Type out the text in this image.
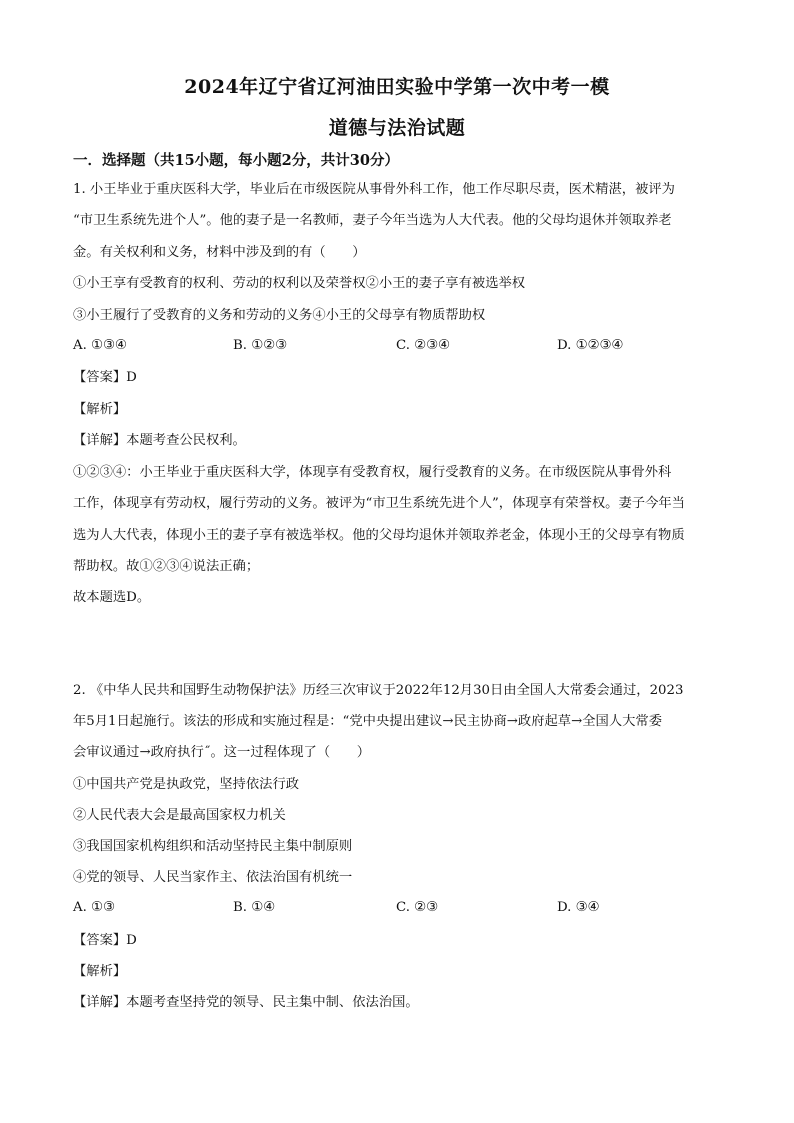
2024年辽宁省辽河油田实验中学第一次中考一模
道德与法治试题
一．选择题（共15小题，每小题2分，共计30分）
1. 小王毕业于重庆医科大学，毕业后在市级医院从事骨外科工作，他工作尽职尽责，医术精湛，被评为
“市卫生系统先进个人”。他的妻子是一名教师，妻子今年当选为人大代表。他的父母均退休并领取养老
金。有关权利和义务，材料中涉及到的有（　　）
①小王享有受教育的权利、劳动的权利以及荣誉权②小王的妻子享有被选举权
③小王履行了受教育的义务和劳动的义务④小王的父母享有物质帮助权
A. ①③④	B. ①②③	C. ②③④	D. ①②③④
【答案】D
【解析】
【详解】本题考查公民权利。
①②③④：小王毕业于重庆医科大学，体现享有受教育权，履行受教育的义务。在市级医院从事骨外科
工作，体现享有劳动权，履行劳动的义务。被评为“市卫生系统先进个人”，体现享有荣誉权。妻子今年当
选为人大代表，体现小王的妻子享有被选举权。他的父母均退休并领取养老金，体现小王的父母享有物质
帮助权。故①②③④说法正确；
故本题选D。
2. 《中华人民共和国野生动物保护法》历经三次审议于2022年12月30日由全国人大常委会通过，2023
年5月1日起施行。该法的形成和实施过程是：“党中央提出建议→民主协商→政府起草→全国人大常委
会审议通过→政府执行˝。这一过程体现了（　　）
①中国共产党是执政党，坚持依法行政
②人民代表大会是最高国家权力机关
③我国国家机构组织和活动坚持民主集中制原则
④党的领导、人民当家作主、依法治国有机统一
A. ①③	B. ①④	C. ②③	D. ③④
【答案】D
【解析】
【详解】本题考查坚持党的领导、民主集中制、依法治国。
